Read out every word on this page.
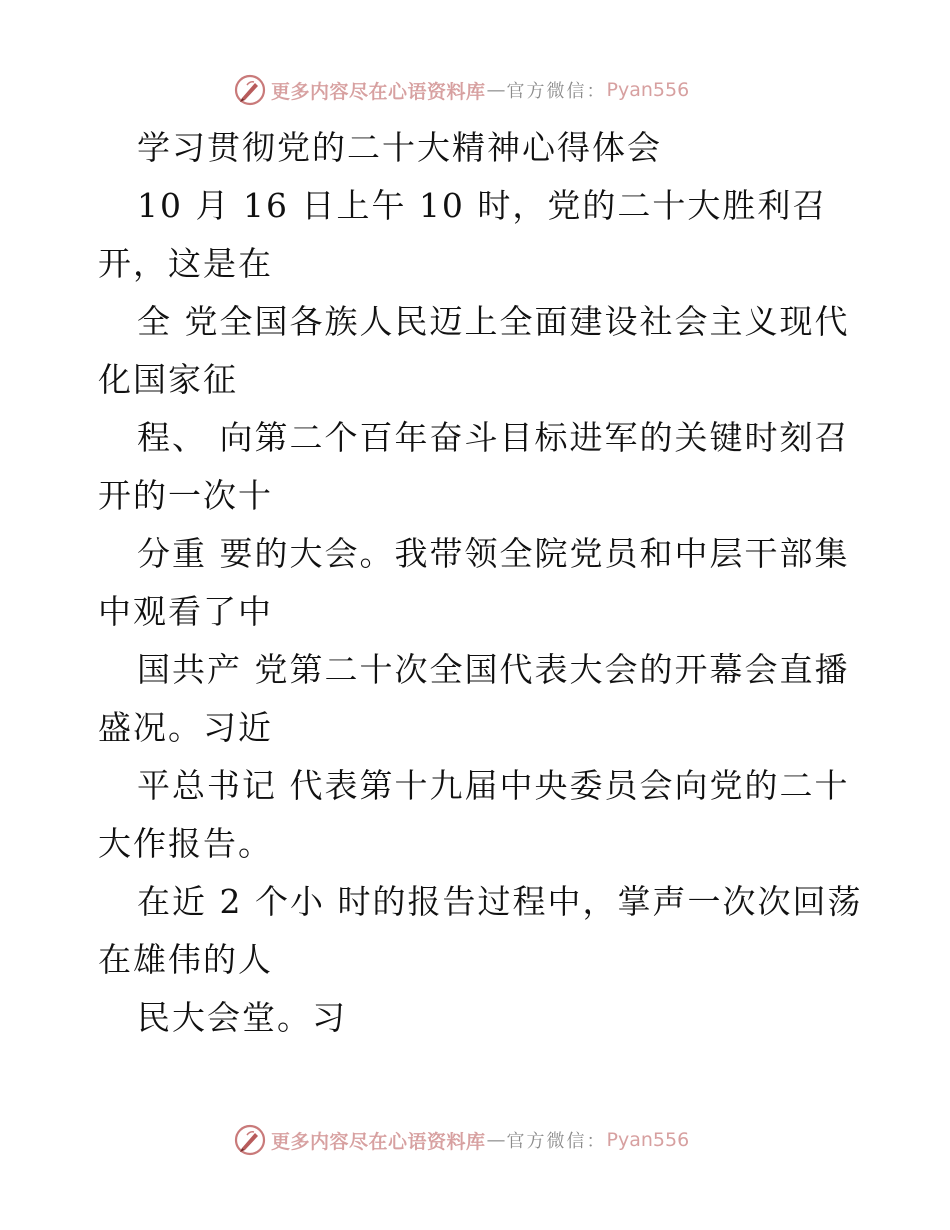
更多内容尽在心语资料库 — 官方微信： Pyan556
学习贯彻党的二十大精神心得体会
10 月 16 日上午 10 时，党的二十大胜利召
开，这是在
全 党全国各族人民迈上全面建设社会主义现代
化国家征
程、 向第二个百年奋斗目标进军的关键时刻召
开的一次十
分重 要的大会。我带领全院党员和中层干部集
中观看了中
国共产 党第二十次全国代表大会的开幕会直播
盛况。习近
平总书记 代表第十九届中央委员会向党的二十
大作报告。
在近 2 个小 时的报告过程中，掌声一次次回荡
在雄伟的人
民大会堂。习
更多内容尽在心语资料库 — 官方微信： Pyan556
